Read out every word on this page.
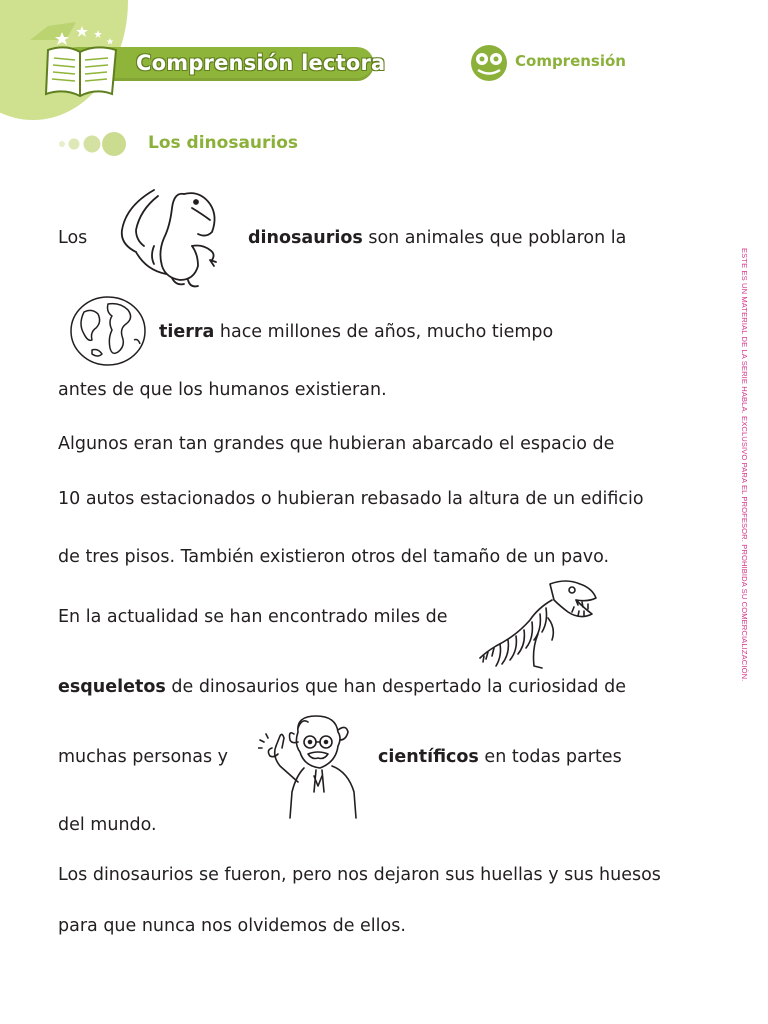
Comprensión lectora	Comprensión
Los dinosaurios
Los	dinosaurios son animales que poblaron la
tierra hace millones de años, mucho tiempo
antes de que los humanos existieran.
Algunos eran tan grandes que hubieran abarcado el espacio de
10 autos estacionados o hubieran rebasado la altura de un edificio
de tres pisos. También existieron otros del tamaño de un pavo.
En la actualidad se han encontrado miles de
esqueletos de dinosaurios que han despertado la curiosidad de
muchas personas y	científicos en todas partes
del mundo.
Los dinosaurios se fueron, pero nos dejaron sus huellas y sus huesos
para que nunca nos olvidemos de ellos.
ESTE ES UN MATERIAL DE LA SERIE HABLA. EXCLUSIVO PARA EL PROFESOR. PROHIBIDA SU COMERCIALIZACIÓN.
